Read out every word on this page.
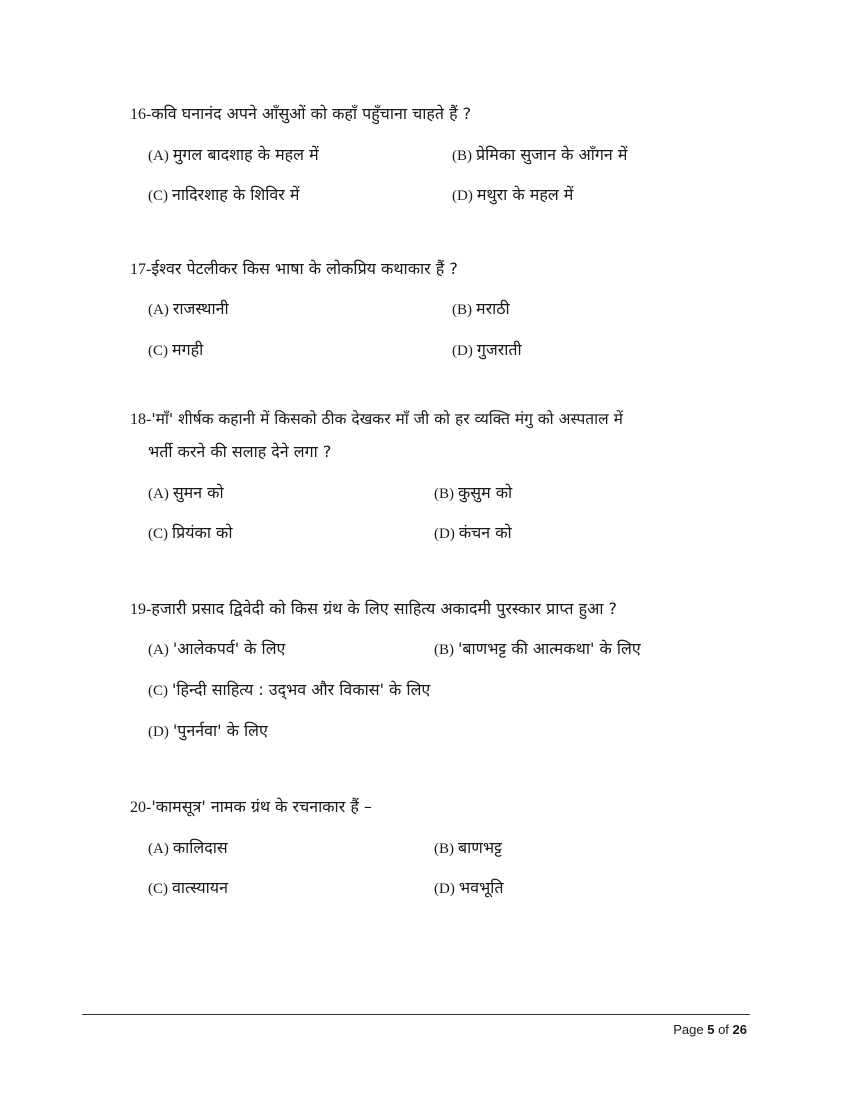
16-कवि घनानंद अपने आँसुओं को कहाँ पहुँचाना चाहते हैं ?
(A) मुगल बादशाह के महल में	(B) प्रेमिका सुजान के आँगन में
(C) नादिरशाह के शिविर में	(D) मथुरा के महल में
17-ईश्वर पेटलीकर किस भाषा के लोकप्रिय कथाकार हैं ?
(A) राजस्थानी	(B) मराठी
(C) मगही	(D) गुजराती
18-'माँ' शीर्षक कहानी में किसको ठीक देखकर माँ जी को हर व्यक्ति मंगु को अस्पताल में
भर्ती करने की सलाह देने लगा ?
(A) सुमन को	(B) कुसुम को
(C) प्रियंका को	(D) कंचन को
19-हजारी प्रसाद द्विवेदी को किस ग्रंथ के लिए साहित्य अकादमी पुरस्कार प्राप्त हुआ ?
(A) 'आलेकपर्व' के लिए	(B) 'बाणभट्ट की आत्मकथा' के लिए
(C) 'हिन्दी साहित्य : उद्‌भव और विकास' के लिए
(D) 'पुनर्नवा' के लिए
20-'कामसूत्र' नामक ग्रंथ के रचनाकार हैं –
(A) कालिदास	(B) बाणभट्ट
(C) वात्स्यायन	(D) भवभूति
Page 5 of 26
